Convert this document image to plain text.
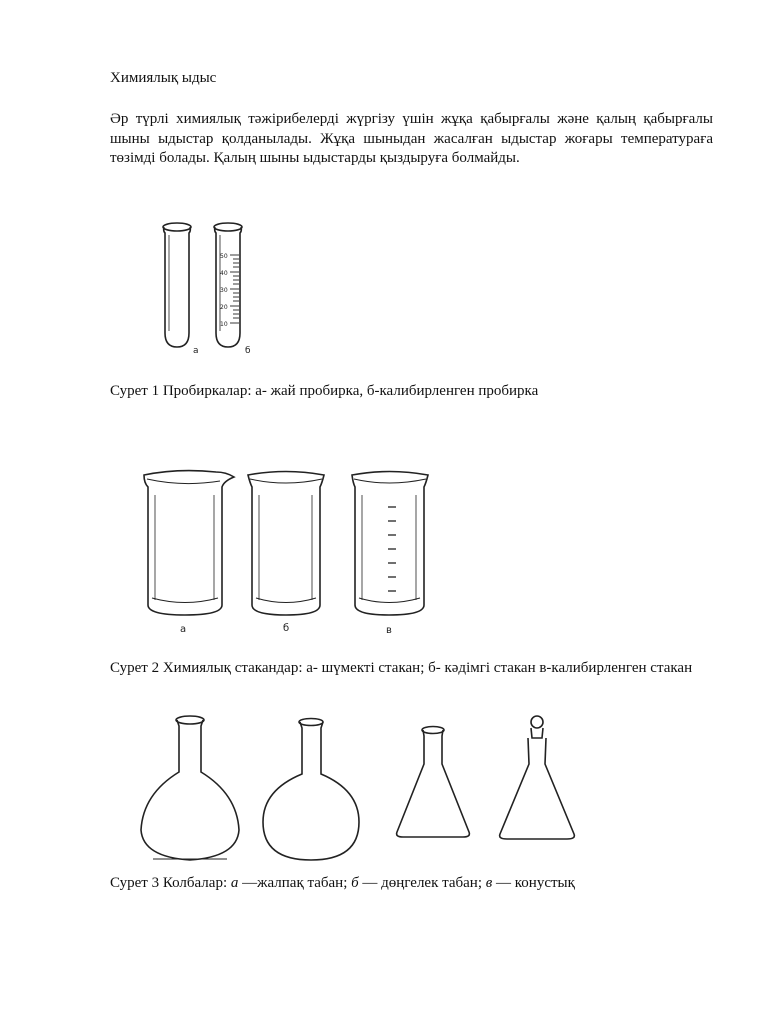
Химиялық ыдыс
Әр түрлі химиялық тәжірибелерді жүргізу үшін жұқа қабырғалы және қалың қабырғалы шыны ыдыстар қолданылады. Жұқа шыныдан жасалған ыдыстар жоғары температураға төзімді болады. Қалың шыны ыдыстарды қыздыруға болмайды.
50
40
30
20
10
а	б
Сурет 1 Пробиркалар: а- жай пробирка, б-калибирленген пробирка
а	б	в
Сурет 2 Химиялық стакандар: а- шүмекті стакан; б- кәдімгі стакан в-калибирленген стакан
Сурет 3 Колбалар: а —жалпақ табан; б — дөңгелек табан; в — конустық
